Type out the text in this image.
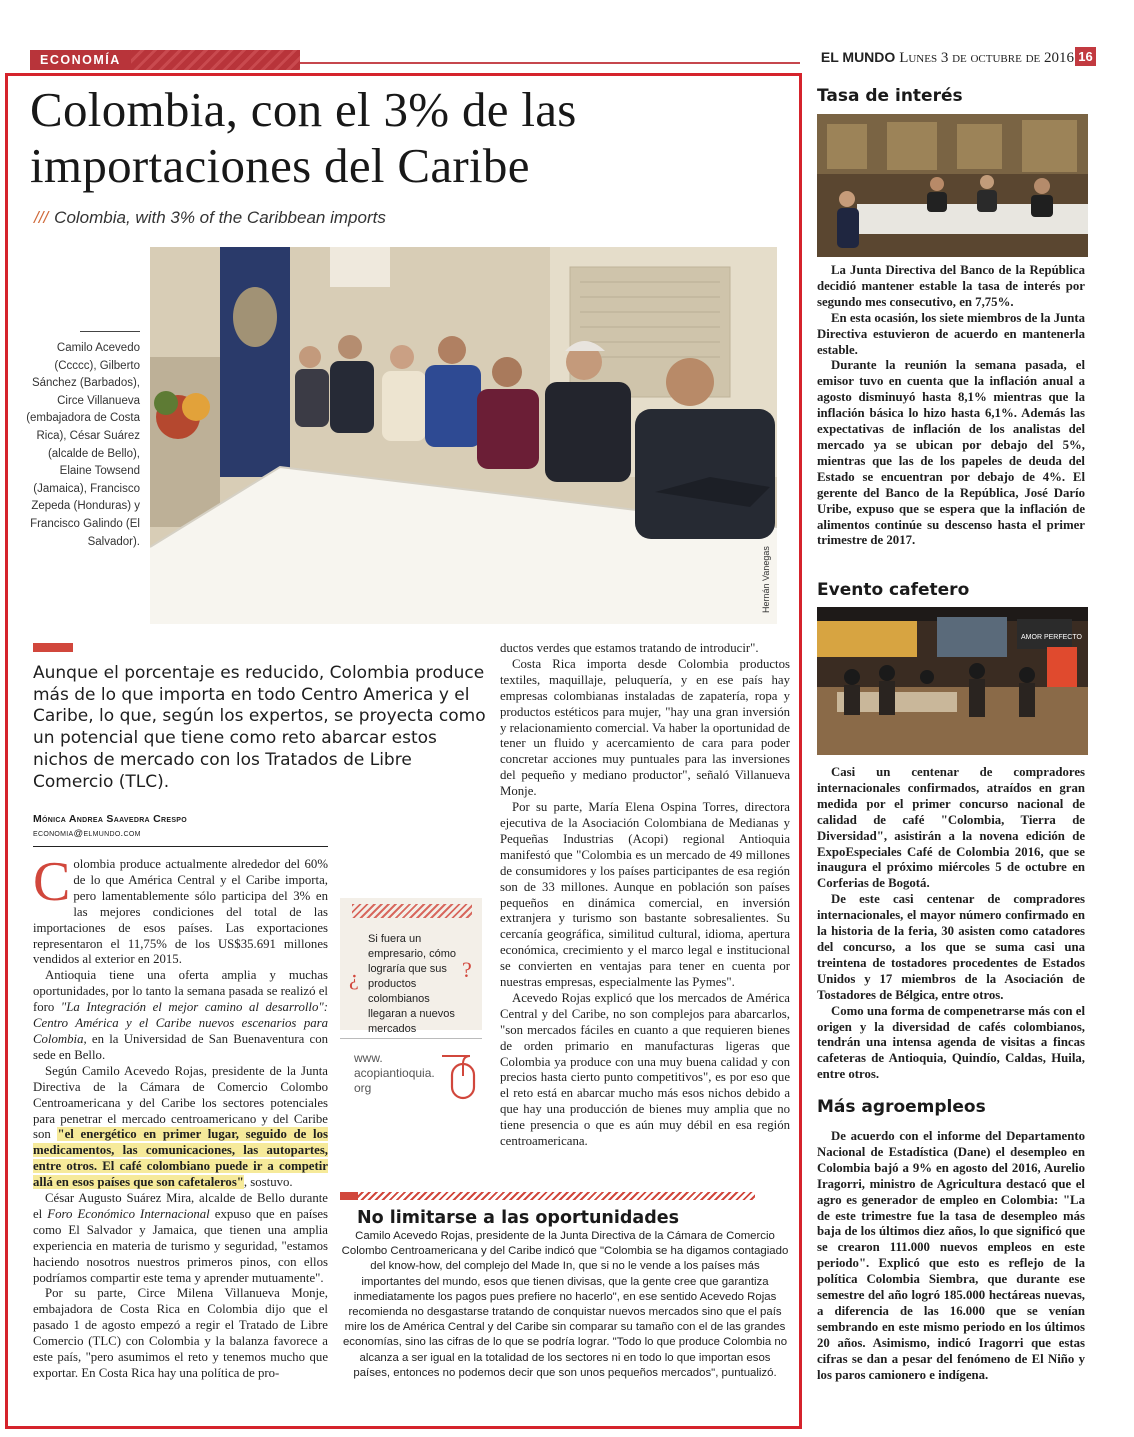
ECONOMÍA	EL MUNDO Lunes 3 de octubre de 2016 16
Colombia, con el 3% de las
importaciones del Caribe
/// Colombia, with 3% of the Caribbean imports
Hernán Vanegas
Camilo Acevedo (Ccccc), Gilberto Sánchez (Barbados), Circe Villanueva (embajadora de Costa Rica), César Suárez (alcalde de Bello), Elaine Towsend (Jamaica), Francisco Zepeda (Honduras) y Francisco Galindo (El Salvador).
Aunque el porcentaje es reducido, Colombia produce más de lo que importa en todo Centro America y el Caribe, lo que, según los expertos, se proyecta como un potencial que tiene como reto abarcar estos nichos de mercado con los Tratados de Libre Comercio (TLC).
Mónica Andrea Saavedra Crespo
economia@elmundo.com

Colombia produce actualmente alrededor del 60% de lo que América Central y el Caribe importa, pero lamentablemente sólo participa del 3% en las mejores condiciones del total de las importaciones de esos países. Las exportaciones representaron el 11,75% de los US$35.691 millones vendidos al exterior en 2015.

Antioquia tiene una oferta amplia y muchas oportunidades, por lo tanto la semana pasada se realizó el foro "La Integración el mejor camino al desarrollo": Centro América y el Caribe nuevos escenarios para Colombia, en la Universidad de San Buenaventura con sede en Bello.

Según Camilo Acevedo Rojas, presidente de la Junta Directiva de la Cámara de Comercio Colombo Centroamericana y del Caribe los sectores potenciales para penetrar el mercado centroamericano y del Caribe son "el energético en primer lugar, seguido de los medicamentos, las comunicaciones, las autopartes, entre otros. El café colombiano puede ir a competir allá en esos países que son cafetaleros", sostuvo.

César Augusto Suárez Mira, alcalde de Bello durante el Foro Económico Internacional expuso que en países como El Salvador y Jamaica, que tienen una amplia experiencia en materia de turismo y seguridad, "estamos haciendo nosotros nuestros primeros pinos, con ellos podríamos compartir este tema y aprender mutuamente".

Por su parte, Circe Milena Villanueva Monje, embajadora de Costa Rica en Colombia dijo que el pasado 1 de agosto empezó a regir el Tratado de Libre Comercio (TLC) con Colombia y la balanza favorece a este país, "pero asumimos el reto y tenemos mucho que exportar. En Costa Rica hay una política de pro-

¿	?
Si fuera un empresario, cómo lograría que sus productos colombianos llegaran a nuevos mercados
www.
acopiantioquia.
org

ductos verdes que estamos tratando de introducir".

Costa Rica importa desde Colombia productos textiles, maquillaje, peluquería, y en ese país hay empresas colombianas instaladas de zapatería, ropa y productos estéticos para mujer, "hay una gran inversión y relacionamiento comercial. Va haber la oportunidad de tener un fluido y acercamiento de cara para poder concretar acciones muy puntuales para las inversiones del pequeño y mediano productor", señaló Villanueva Monje.

Por su parte, María Elena Ospina Torres, directora ejecutiva de la Asociación Colombiana de Medianas y Pequeñas Industrias (Acopi) regional Antioquia manifestó que "Colombia es un mercado de 49 millones de consumidores y los países participantes de esa región son de 33 millones. Aunque en población son países pequeños en dinámica comercial, en inversión extranjera y turismo son bastante sobresalientes. Su cercanía geográfica, similitud cultural, idioma, apertura económica, crecimiento y el marco legal e institucional se convierten en ventajas para tener en cuenta por nuestras empresas, especialmente las Pymes".

Acevedo Rojas explicó que los mercados de América Central y del Caribe, no son complejos para abarcarlos, "son mercados fáciles en cuanto a que requieren bienes de orden primario en manufacturas ligeras que Colombia ya produce con una muy buena calidad y con precios hasta cierto punto competitivos", es por eso que el reto está en abarcar mucho más esos nichos debido a que hay una producción de bienes muy amplia que no tiene presencia o que es aún muy débil en esa región centroamericana.

No limitarse a las oportunidades
Camilo Acevedo Rojas, presidente de la Junta Directiva de la Cámara de Comercio Colombo Centroamericana y del Caribe indicó que "Colombia se ha digamos contagiado del know-how, del complejo del Made In, que si no le vende a los países más importantes del mundo, esos que tienen divisas, que la gente cree que garantiza inmediatamente los pagos pues prefiere no hacerlo", en ese sentido Acevedo Rojas recomienda no desgastarse tratando de conquistar nuevos mercados sino que el país mire los de América Central y del Caribe sin comparar su tamaño con el de las grandes economías, sino las cifras de lo que se podría lograr. "Todo lo que produce Colombia no alcanza a ser igual en la totalidad de los sectores ni en todo lo que importan esos países, entonces no podemos decir que son unos pequeños mercados", puntualizó.
Tasa de interés

La Junta Directiva del Banco de la República decidió mantener estable la tasa de interés por segundo mes consecutivo, en 7,75%.

En esta ocasión, los siete miembros de la Junta Directiva estuvieron de acuerdo en mantenerla estable.

Durante la reunión la semana pasada, el emisor tuvo en cuenta que la inflación anual a agosto disminuyó hasta 8,1% mientras que la inflación básica lo hizo hasta 6,1%. Además las expectativas de inflación de los analistas del mercado ya se ubican por debajo del 5%, mientras que las de los papeles de deuda del Estado se encuentran por debajo de 4%. El gerente del Banco de la República, José Darío Uribe, expuso que se espera que la inflación de alimentos continúe su descenso hasta el primer trimestre de 2017.

Evento cafetero
AMOR PERFECTO

Casi un centenar de compradores internacionales confirmados, atraídos en gran medida por el primer concurso nacional de calidad de café "Colombia, Tierra de Diversidad", asistirán a la novena edición de ExpoEspeciales Café de Colombia 2016, que se inaugura el próximo miércoles 5 de octubre en Corferias de Bogotá.

De este casi centenar de compradores internacionales, el mayor número confirmado en la historia de la feria, 30 asisten como catadores del concurso, a los que se suma casi una treintena de tostadores procedentes de Estados Unidos y 17 miembros de la Asociación de Tostadores de Bélgica, entre otros.

Como una forma de compenetrarse más con el origen y la diversidad de cafés colombianos, tendrán una intensa agenda de visitas a fincas cafeteras de Antioquia, Quindío, Caldas, Huila, entre otros.

Más agroempleos

De acuerdo con el informe del Departamento Nacional de Estadística (Dane) el desempleo en Colombia bajó a 9% en agosto del 2016, Aurelio Iragorri, ministro de Agricultura destacó que el agro es generador de empleo en Colombia: "La de este trimestre fue la tasa de desempleo más baja de los últimos diez años, lo que significó que se crearon 111.000 nuevos empleos en este periodo". Explicó que esto es reflejo de la política Colombia Siembra, que durante ese semestre del año logró 185.000 hectáreas nuevas, a diferencia de las 16.000 que se venían sembrando en este mismo periodo en los últimos 20 años. Asimismo, indicó Iragorri que estas cifras se dan a pesar del fenómeno de El Niño y los paros camionero e indígena.
